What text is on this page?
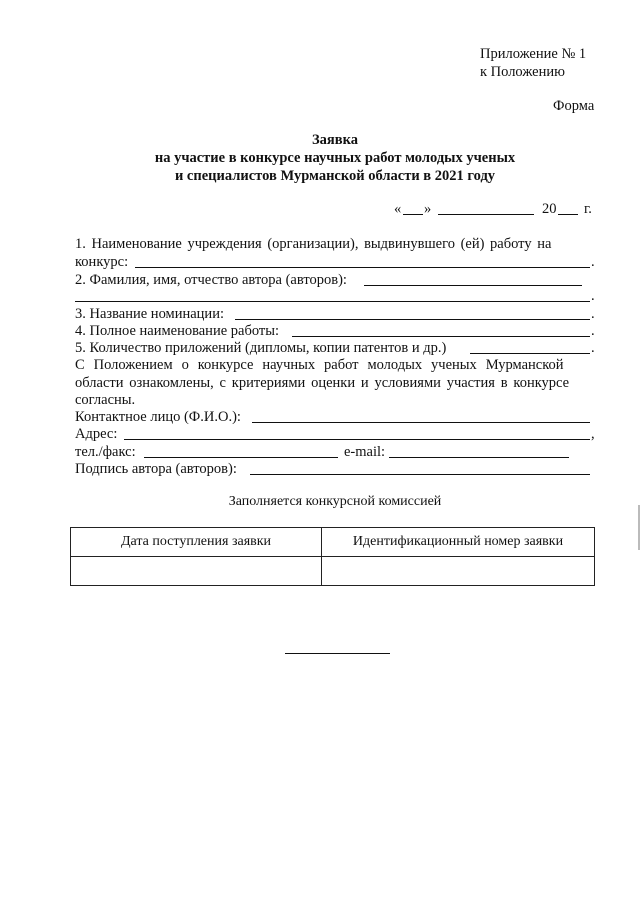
Приложение № 1
к Положению
Форма
Заявка
на участие в конкурсе научных работ молодых ученых
и специалистов Мурманской области в 2021 году
« »	20 г.
1. Наименование учреждения (организации), выдвинувшего (ей) работу на
конкурс:	.
2. Фамилия, имя, отчество автора (авторов):
.
3. Название номинации:	.
4. Полное наименование работы:	.
5. Количество приложений (дипломы, копии патентов и др.)	.
С Положением о конкурсе научных работ молодых ученых Мурманской
области ознакомлены, с критериями оценки и условиями участия в конкурсе
согласны.
Контактное лицо (Ф.И.О.):
Адрес:	,
тел./факс:	e-mail:
Подпись автора (авторов):
Заполняется конкурсной комиссией
Дата поступления заявки	Идентификационный номер заявки
